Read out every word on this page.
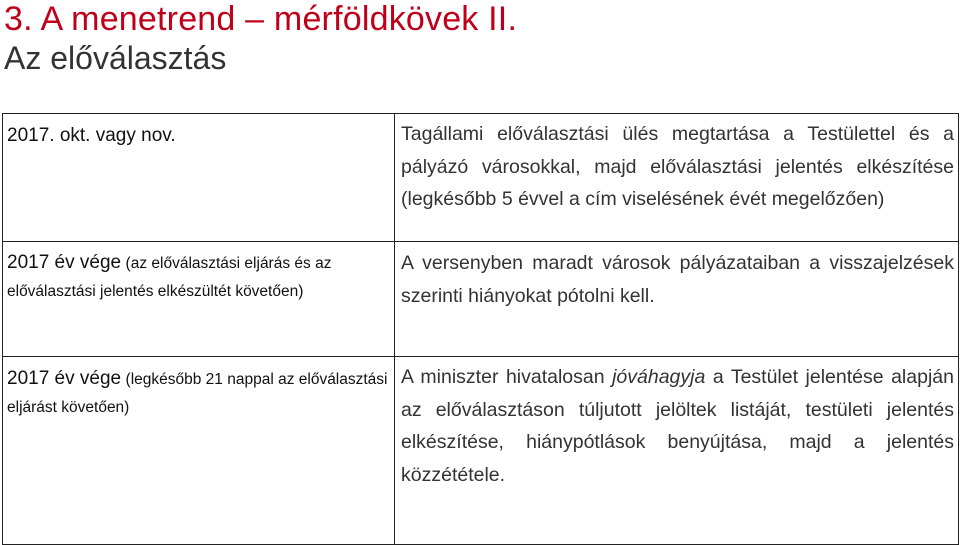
3. A menetrend – mérföldkövek II.
Az előválasztás
2017. okt. vagy nov.	Tagállami előválasztási ülés megtartása a Testülettel és a pályázó városokkal, majd előválasztási jelentés elkészítése (legkésőbb 5 évvel a cím viselésének évét megelőzően)

2017 év vége (az előválasztási eljárás és az előválasztási jelentés elkészültét követően)	A versenyben maradt városok pályázataiban a visszajelzések szerinti hiányokat pótolni kell.

2017 év vége (legkésőbb 21 nappal az előválasztási eljárást követően)	A miniszter hivatalosan jóváhagyja a Testület jelentése alapján az előválasztáson túljutott jelöltek listáját, testületi jelentés elkészítése, hiánypótlások benyújtása, majd a jelentés közzététele.
